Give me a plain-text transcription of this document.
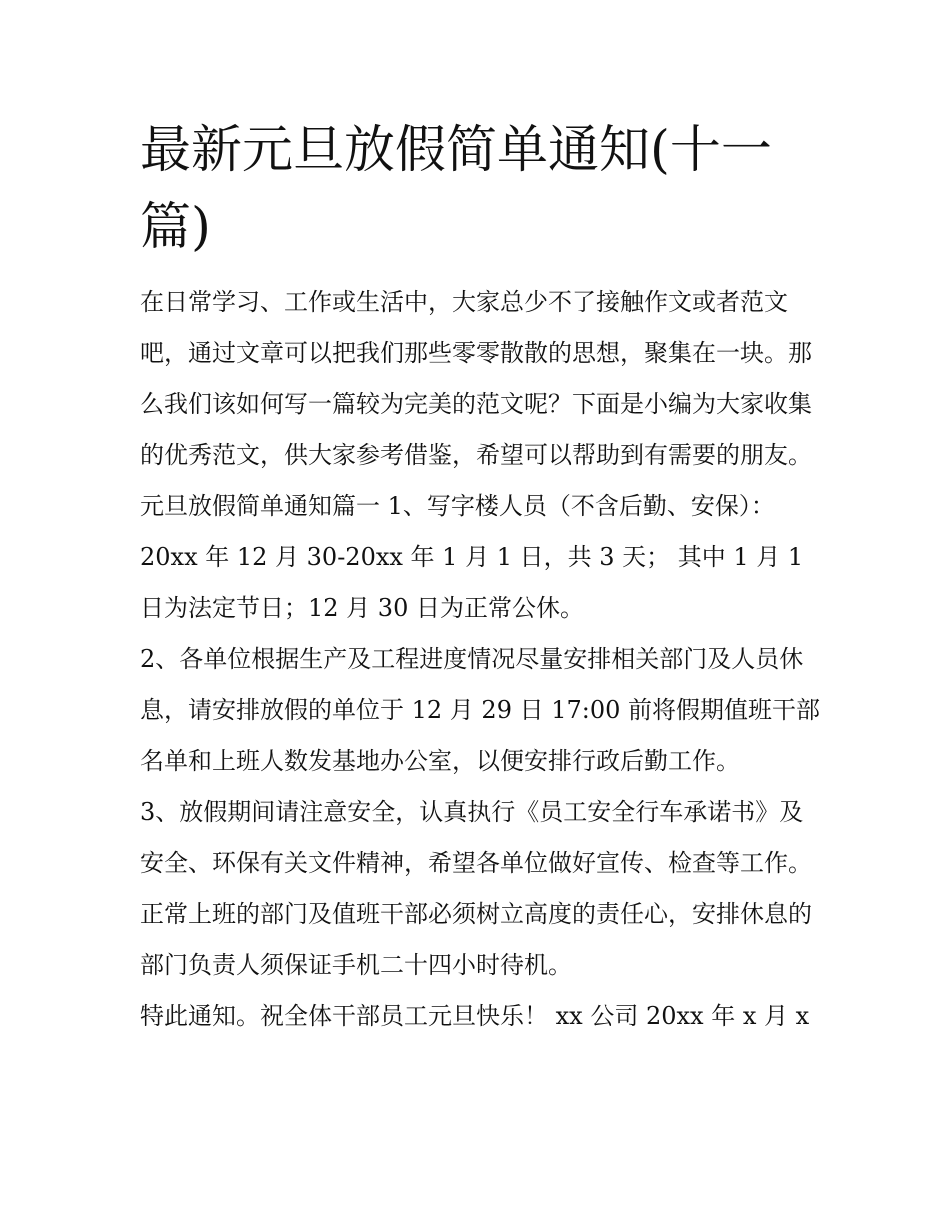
最新元旦放假简单通知(十一篇)

在日常学习、工作或生活中，大家总少不了接触作文或者范文吧，通过文章可以把我们那些零零散散的思想，聚集在一块。那么我们该如何写一篇较为完美的范文呢？下面是小编为大家收集的优秀范文，供大家参考借鉴，希望可以帮助到有需要的朋友。

元旦放假简单通知篇一 1、写字楼人员（不含后勤、安保）：20xx 年 12 月 30-20xx 年 1 月 1 日，共 3 天； 其中 1 月 1 日为法定节日；12 月 30 日为正常公休。

2、各单位根据生产及工程进度情况尽量安排相关部门及人员休息，请安排放假的单位于 12 月 29 日 17:00 前将假期值班干部名单和上班人数发基地办公室，以便安排行政后勤工作。

3、放假期间请注意安全，认真执行《员工安全行车承诺书》及安全、环保有关文件精神，希望各单位做好宣传、检查等工作。正常上班的部门及值班干部必须树立高度的责任心，安排休息的部门负责人须保证手机二十四小时待机。

特此通知。祝全体干部员工元旦快乐！ xx 公司 20xx 年 x 月 x
